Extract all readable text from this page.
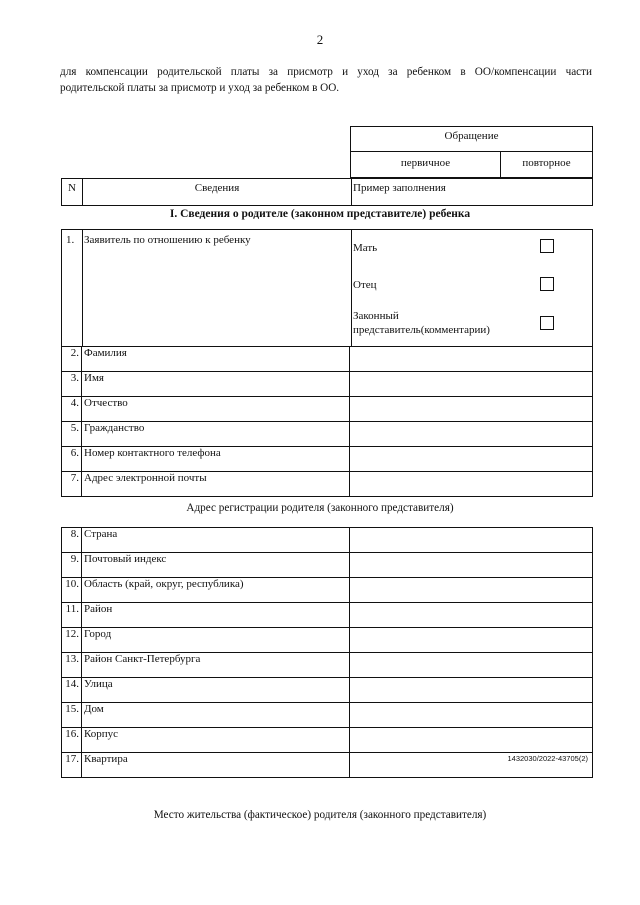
2
для компенсации родительской платы за присмотр и уход за ребенком в ОО/компенсации части
родительской платы за присмотр и уход за ребенком в ОО.
Обращение
первичное	повторное
N	Сведения	Пример заполнения
I. Сведения о родителе (законном представителе) ребенка
1. Заявитель по отношению к ребенку
Мать
Отец
Законный представитель(комментарии)
2.	Фамилия	
3.	Имя	
4.	Отчество	
5.	Гражданство	
6.	Номер контактного телефона	
7.	Адрес электронной почты	
Адрес регистрации родителя (законного представителя)
8.	Страна	
9.	Почтовый индекс	
10.	Область (край, округ, республика)	
11.	Район	
12.	Город	
13.	Район Санкт-Петербурга	
14.	Улица	
15.	Дом	
16.	Корпус	
17.	Квартира	1432030/2022-43705(2)
Место жительства (фактическое) родителя (законного представителя)
